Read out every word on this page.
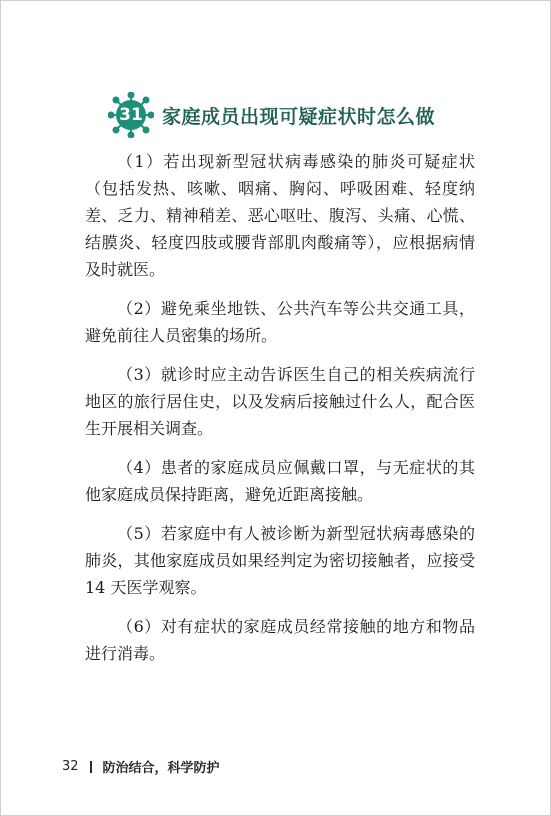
31	家庭成员出现可疑症状时怎么做

（1）若出现新型冠状病毒感染的肺炎可疑症状（包括发热、咳嗽、咽痛、胸闷、呼吸困难、轻度纳差、乏力、精神稍差、恶心呕吐、腹泻、头痛、心慌、结膜炎、轻度四肢或腰背部肌肉酸痛等），应根据病情及时就医。

（2）避免乘坐地铁、公共汽车等公共交通工具，避免前往人员密集的场所。

（3）就诊时应主动告诉医生自己的相关疾病流行地区的旅行居住史，以及发病后接触过什么人，配合医生开展相关调查。

（4）患者的家庭成员应佩戴口罩，与无症状的其他家庭成员保持距离，避免近距离接触。

（5）若家庭中有人被诊断为新型冠状病毒感染的肺炎，其他家庭成员如果经判定为密切接触者，应接受 14 天医学观察。

（6）对有症状的家庭成员经常接触的地方和物品进行消毒。

32 防治结合，科学防护
